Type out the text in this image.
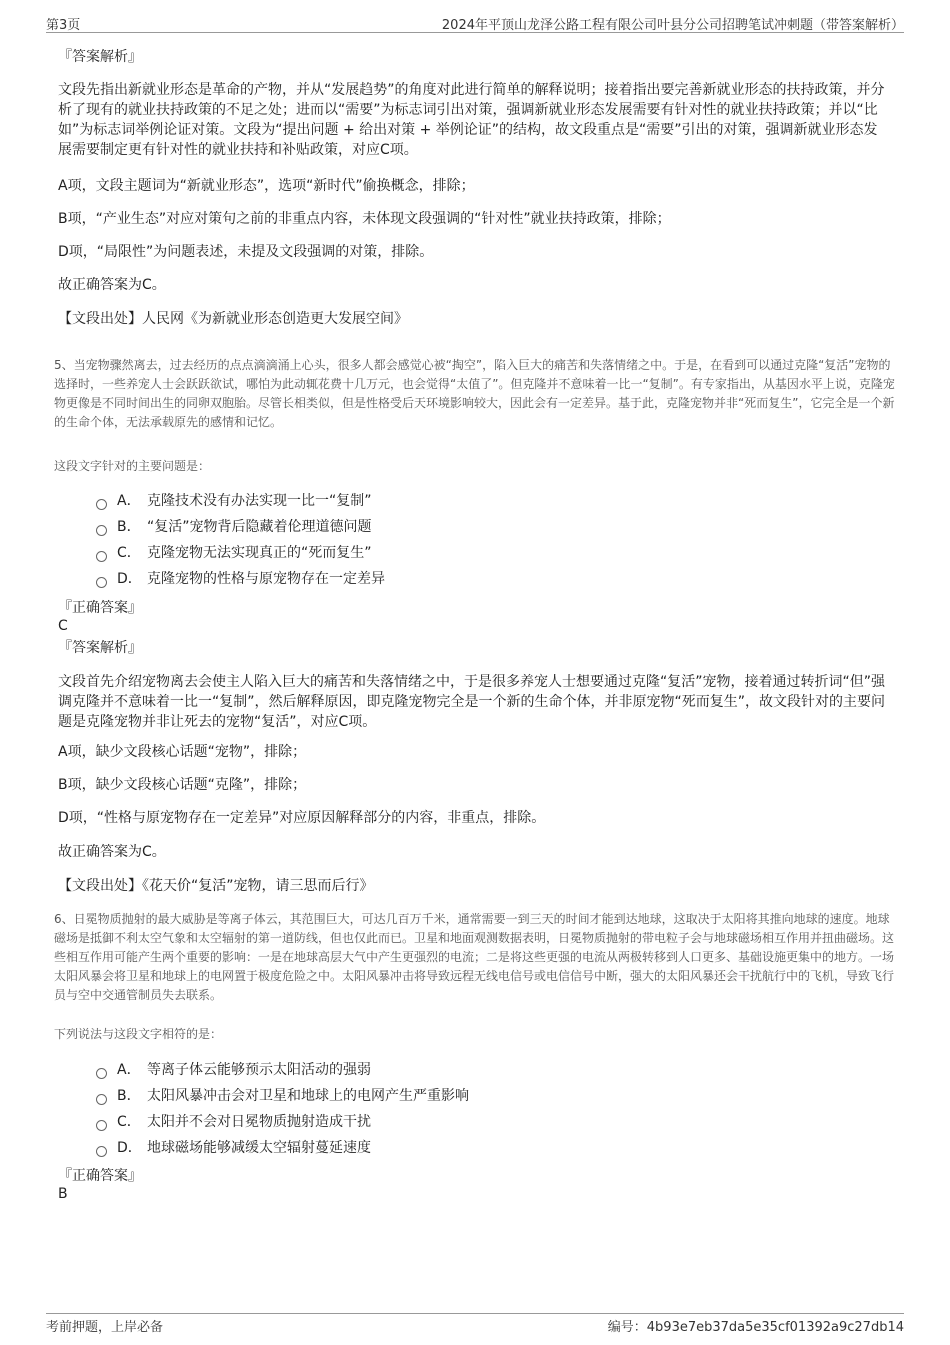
第3页	2024年平顶山龙泽公路工程有限公司叶县分公司招聘笔试冲刺题（带答案解析）

『答案解析』

文段先指出新就业形态是革命的产物，并从“发展趋势”的角度对此进行简单的解释说明；接着指出要完善新就业形态的扶持政策，并分析了现有的就业扶持政策的不足之处；进而以“需要”为标志词引出对策，强调新就业形态发展需要有针对性的就业扶持政策；并以“比如”为标志词举例论证对策。文段为“提出问题 + 给出对策 + 举例论证”的结构，故文段重点是“需要”引出的对策，强调新就业形态发展需要制定更有针对性的就业扶持和补贴政策，对应C项。

A项，文段主题词为“新就业形态”，选项“新时代”偷换概念，排除；

B项，“产业生态”对应对策句之前的非重点内容，未体现文段强调的“针对性”就业扶持政策，排除；

D项，“局限性”为问题表述，未提及文段强调的对策，排除。

故正确答案为C。

【文段出处】人民网《为新就业形态创造更大发展空间》

5、当宠物骤然离去，过去经历的点点滴滴涌上心头，很多人都会感觉心被“掏空”，陷入巨大的痛苦和失落情绪之中。于是，在看到可以通过克隆“复活”宠物的选择时，一些养宠人士会跃跃欲试，哪怕为此动辄花费十几万元，也会觉得“太值了”。但克隆并不意味着一比一“复制”。有专家指出，从基因水平上说，克隆宠物更像是不同时间出生的同卵双胞胎。尽管长相类似，但是性格受后天环境影响较大，因此会有一定差异。基于此，克隆宠物并非“死而复生”，它完全是一个新的生命个体，无法承载原先的感情和记忆。

这段文字针对的主要问题是：

A． 克隆技术没有办法实现一比一“复制”
B． “复活”宠物背后隐藏着伦理道德问题
C． 克隆宠物无法实现真正的“死而复生”
D． 克隆宠物的性格与原宠物存在一定差异

『正确答案』

C

『答案解析』

文段首先介绍宠物离去会使主人陷入巨大的痛苦和失落情绪之中，于是很多养宠人士想要通过克隆“复活”宠物，接着通过转折词“但”强调克隆并不意味着一比一“复制”，然后解释原因，即克隆宠物完全是一个新的生命个体，并非原宠物“死而复生”，故文段针对的主要问题是克隆宠物并非让死去的宠物“复活”，对应C项。

A项，缺少文段核心话题“宠物”，排除；

B项，缺少文段核心话题“克隆”，排除；

D项，“性格与原宠物存在一定差异”对应原因解释部分的内容，非重点，排除。

故正确答案为C。

【文段出处】《花天价“复活”宠物，请三思而后行》

6、日冕物质抛射的最大威胁是等离子体云，其范围巨大，可达几百万千米，通常需要一到三天的时间才能到达地球，这取决于太阳将其推向地球的速度。地球磁场是抵御不利太空气象和太空辐射的第一道防线，但也仅此而已。卫星和地面观测数据表明，日冕物质抛射的带电粒子会与地球磁场相互作用并扭曲磁场。这些相互作用可能产生两个重要的影响：一是在地球高层大气中产生更强烈的电流；二是将这些更强的电流从两极转移到人口更多、基础设施更集中的地方。一场太阳风暴会将卫星和地球上的电网置于极度危险之中。太阳风暴冲击将导致远程无线电信号或电信信号中断，强大的太阳风暴还会干扰航行中的飞机，导致飞行员与空中交通管制员失去联系。

下列说法与这段文字相符的是：

A． 等离子体云能够预示太阳活动的强弱
B． 太阳风暴冲击会对卫星和地球上的电网产生严重影响
C． 太阳并不会对日冕物质抛射造成干扰
D． 地球磁场能够减缓太空辐射蔓延速度

『正确答案』

B

考前押题，上岸必备	编号：4b93e7eb37da5e35cf01392a9c27db14
